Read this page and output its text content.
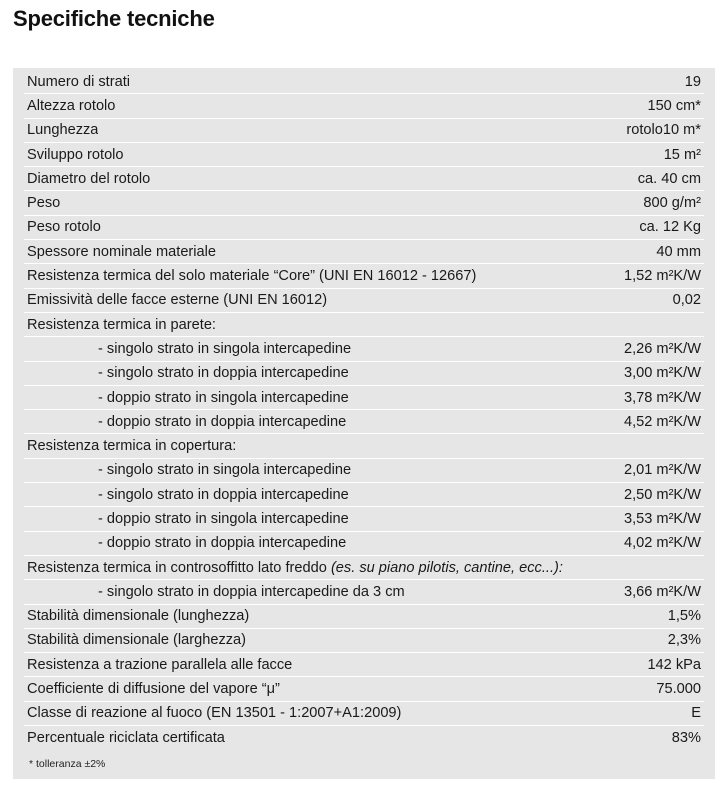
Specifiche tecniche
Numero di strati	19
Altezza rotolo	150 cm*
Lunghezza	rotolo10 m*
Sviluppo rotolo	15 m²
Diametro del rotolo	ca. 40 cm
Peso	800 g/m²
Peso rotolo	ca. 12 Kg
Spessore nominale materiale	40 mm
Resistenza termica del solo materiale “Core” (UNI EN 16012 - 12667)	1,52 m²K/W
Emissività delle facce esterne (UNI EN 16012)	0,02
Resistenza termica in parete:
- singolo strato in singola intercapedine	2,26 m²K/W
- singolo strato in doppia intercapedine	3,00 m²K/W
- doppio strato in singola intercapedine	3,78 m²K/W
- doppio strato in doppia intercapedine	4,52 m²K/W
Resistenza termica in copertura:
- singolo strato in singola intercapedine	2,01 m²K/W
- singolo strato in doppia intercapedine	2,50 m²K/W
- doppio strato in singola intercapedine	3,53 m²K/W
- doppio strato in doppia intercapedine	4,02 m²K/W
Resistenza termica in controsoffitto lato freddo (es. su piano pilotis, cantine, ecc...):
- singolo strato in doppia intercapedine da 3 cm	3,66 m²K/W
Stabilità dimensionale (lunghezza)	1,5%
Stabilità dimensionale (larghezza)	2,3%
Resistenza a trazione parallela alle facce	142 kPa
Coefficiente di diffusione del vapore “μ”	75.000
Classe di reazione al fuoco (EN 13501 - 1:2007+A1:2009)	E
Percentuale riciclata certificata	83%
* tolleranza ±2%
